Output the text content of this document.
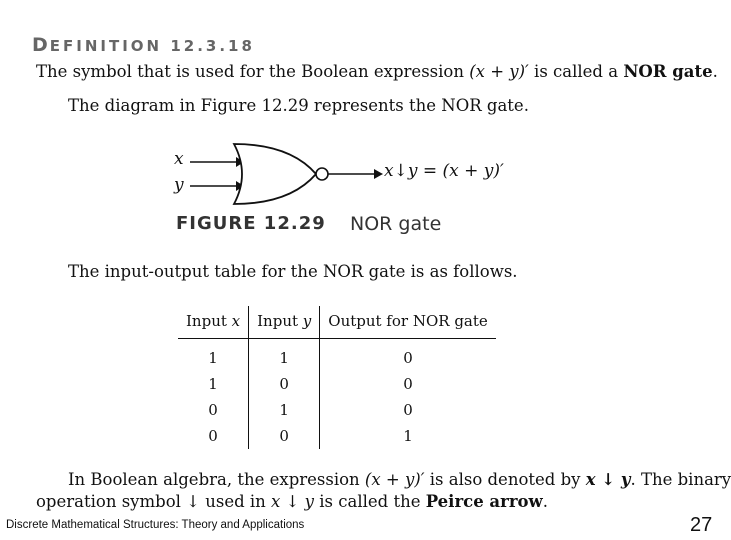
DEFINITION 12.3.18
The symbol that is used for the Boolean expression (x + y)′ is called a NOR gate.
The diagram in Figure 12.29 represents the NOR gate.
x
y
x↓y = (x + y)′
FIGURE 12.29 NOR gate
The input-output table for the NOR gate is as follows.
Input x	Input y	Output for NOR gate
1	1	0
1	0	0
0	1	0
0	0	1
In Boolean algebra, the expression (x + y)′ is also denoted by x ↓ y. The binary
operation symbol ↓ used in x ↓ y is called the Peirce arrow.
Discrete Mathematical Structures: Theory and Applications	27
